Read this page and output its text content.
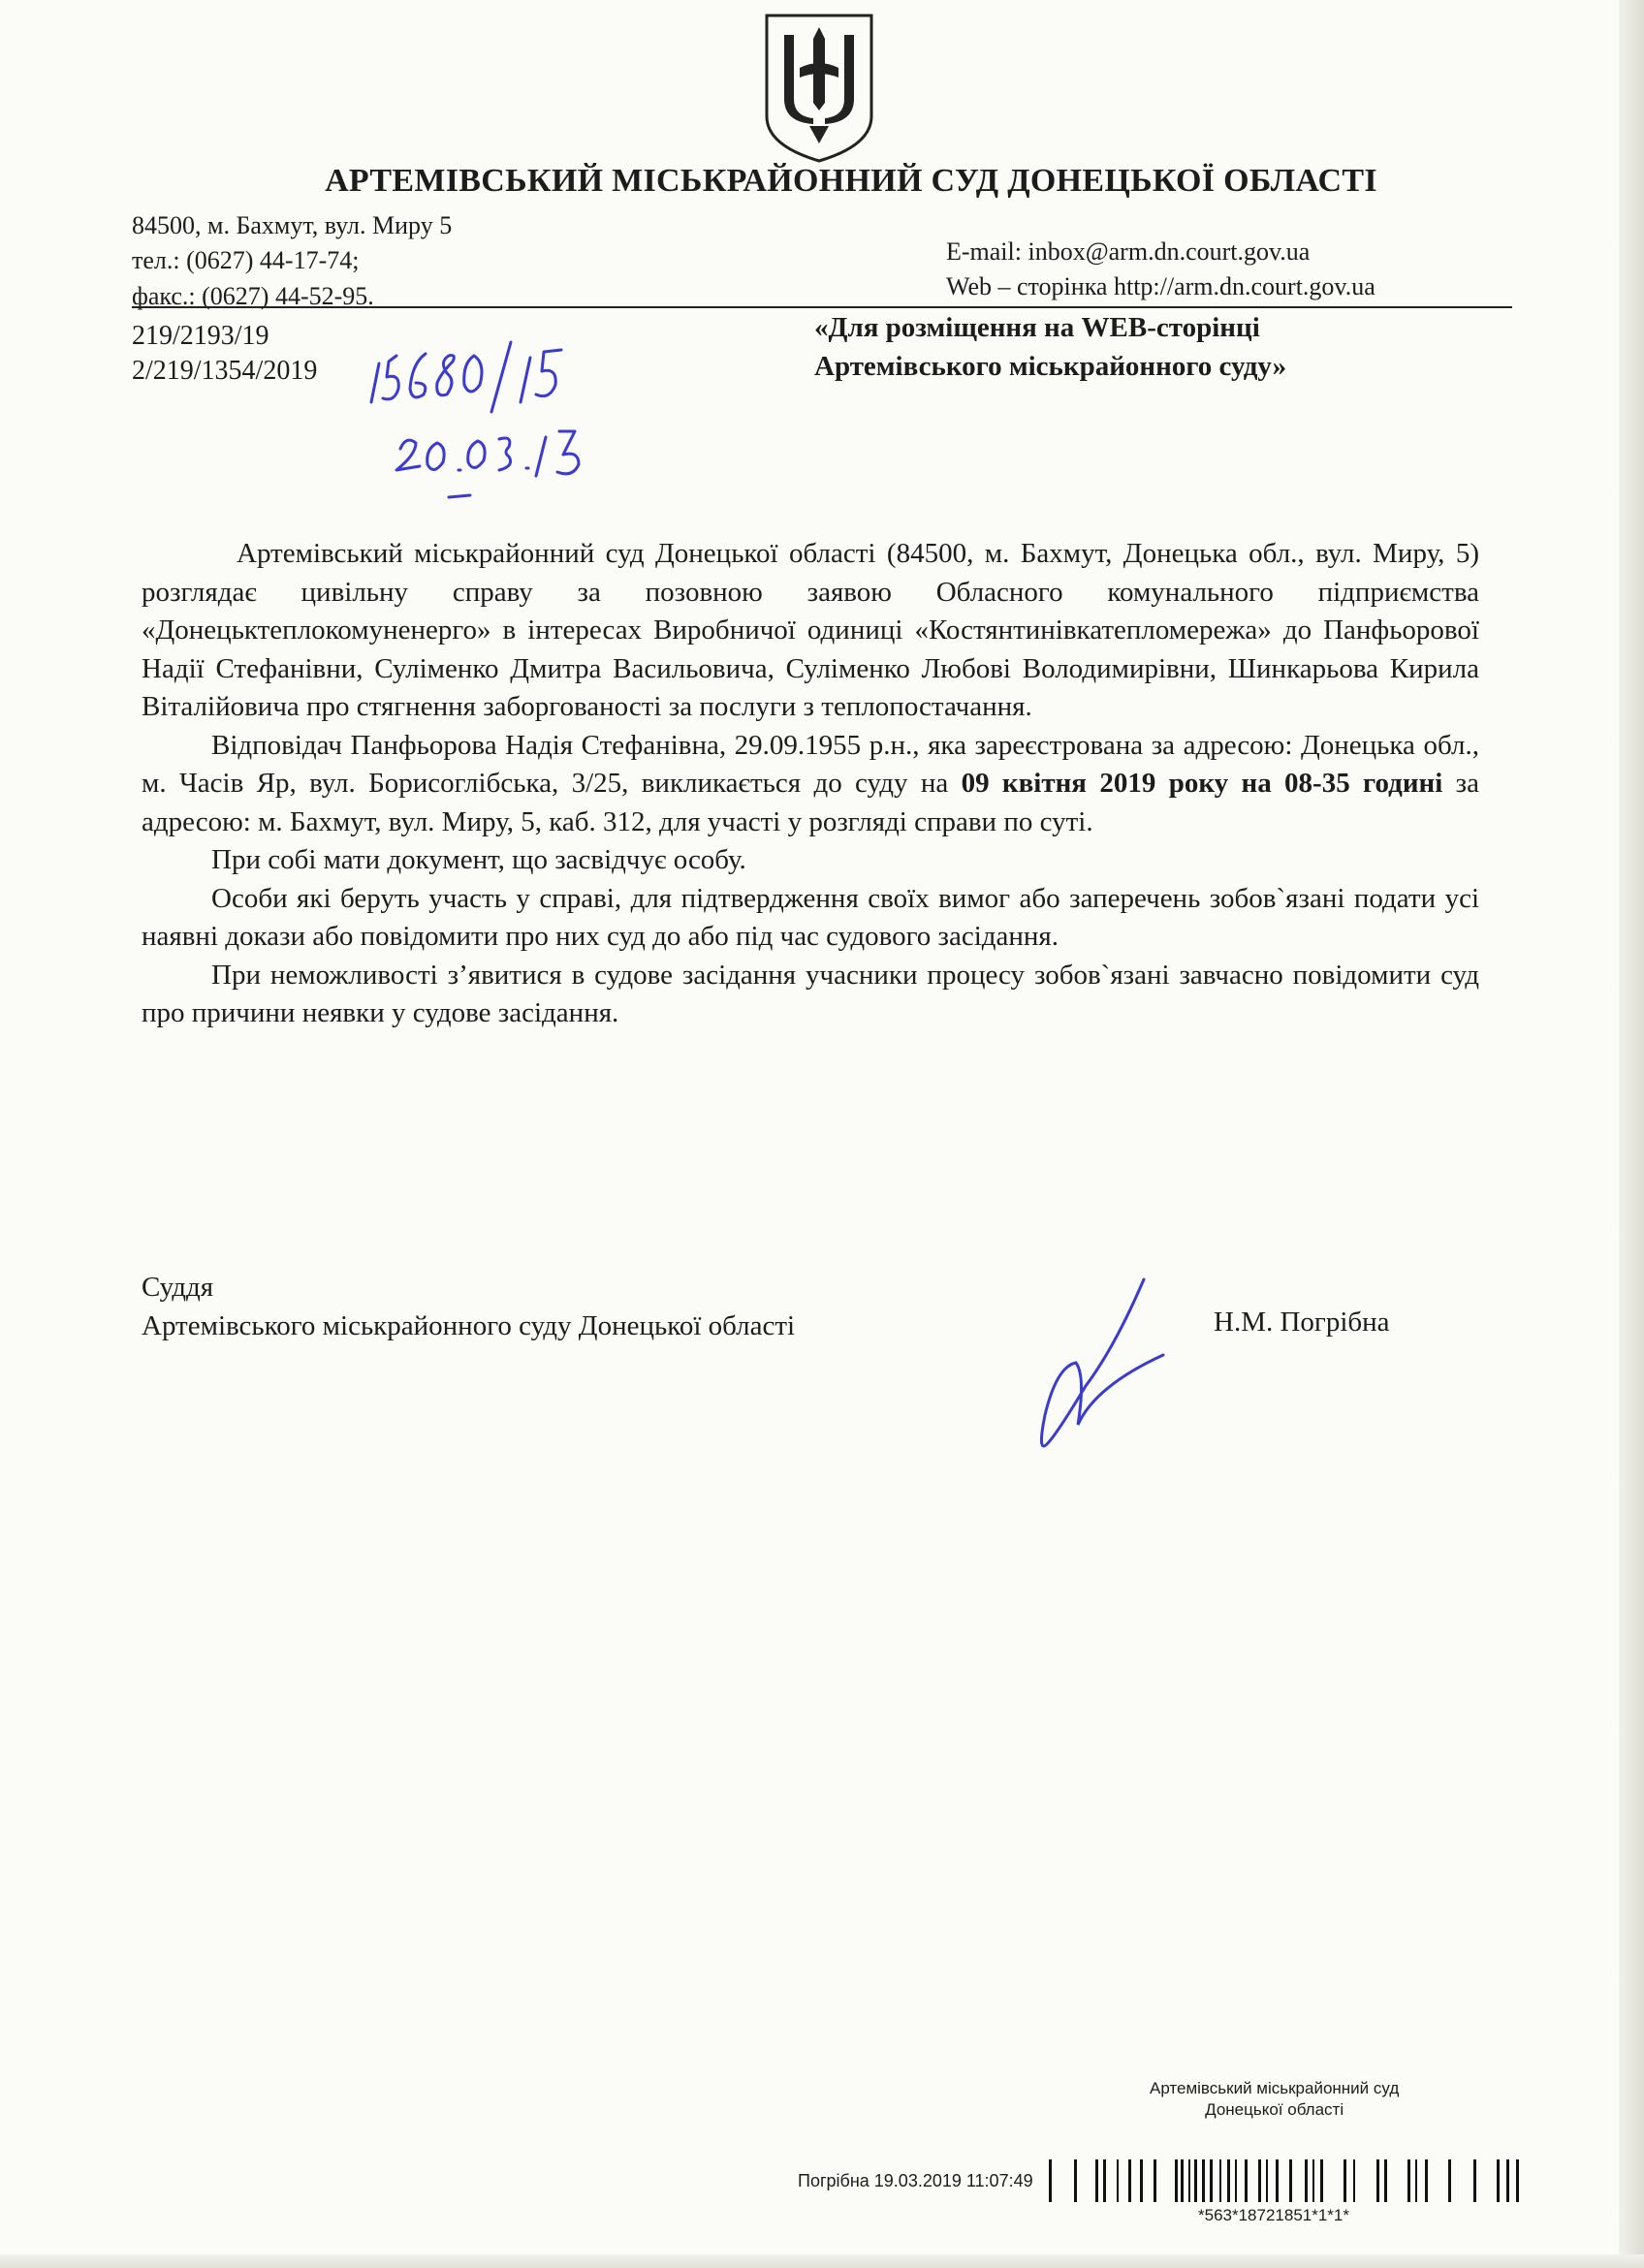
АРТЕМІВСЬКИЙ МІСЬКРАЙОННИЙ СУД ДОНЕЦЬКОЇ ОБЛАСТІ
84500, м. Бахмут, вул. Миру 5
тел.: (0627) 44-17-74;
факс.: (0627) 44-52-95.
E-mail: inbox@arm.dn.court.gov.ua
Web – сторінка http://arm.dn.court.gov.ua
219/2193/19
2/219/1354/2019
«Для розміщення на WEB-сторінці
Артемівського міськрайонного суду»

Артемівський міськрайонний суд Донецької області (84500, м. Бахмут, Донецька обл., вул. Миру, 5) розглядає цивільну справу за позовною заявою Обласного комунального підприємства «Донецьктеплокомуненерго» в інтересах Виробничої одиниці «Костянтинівкатепломережа» до Панфьорової Надії Стефанівни, Суліменко Дмитра Васильовича, Суліменко Любові Володимирівни, Шинкарьова Кирила Віталійовича про стягнення заборгованості за послуги з теплопостачання.

Відповідач Панфьорова Надія Стефанівна, 29.09.1955 р.н., яка зареєстрована за адресою: Донецька обл., м. Часів Яр, вул. Борисоглібська, 3/25, викликається до суду на 09 квітня 2019 року на 08-35 годині за адресою: м. Бахмут, вул. Миру, 5, каб. 312, для участі у розгляді справи по суті.

При собі мати документ, що засвідчує особу.

Особи які беруть участь у справі, для підтвердження своїх вимог або заперечень зобов`язані подати усі наявні докази або повідомити про них суд до або під час судового засідання.

При неможливості з’явитися в судове засідання учасники процесу зобов`язані завчасно повідомити суд про причини неявки у судове засідання.

Суддя
Артемівського міськрайонного суду Донецької області	Н.М. Погрібна
Артемівський міськрайонний суд
Донецької області
Погрібна 19.03.2019 11:07:49
*563*18721851*1*1*
